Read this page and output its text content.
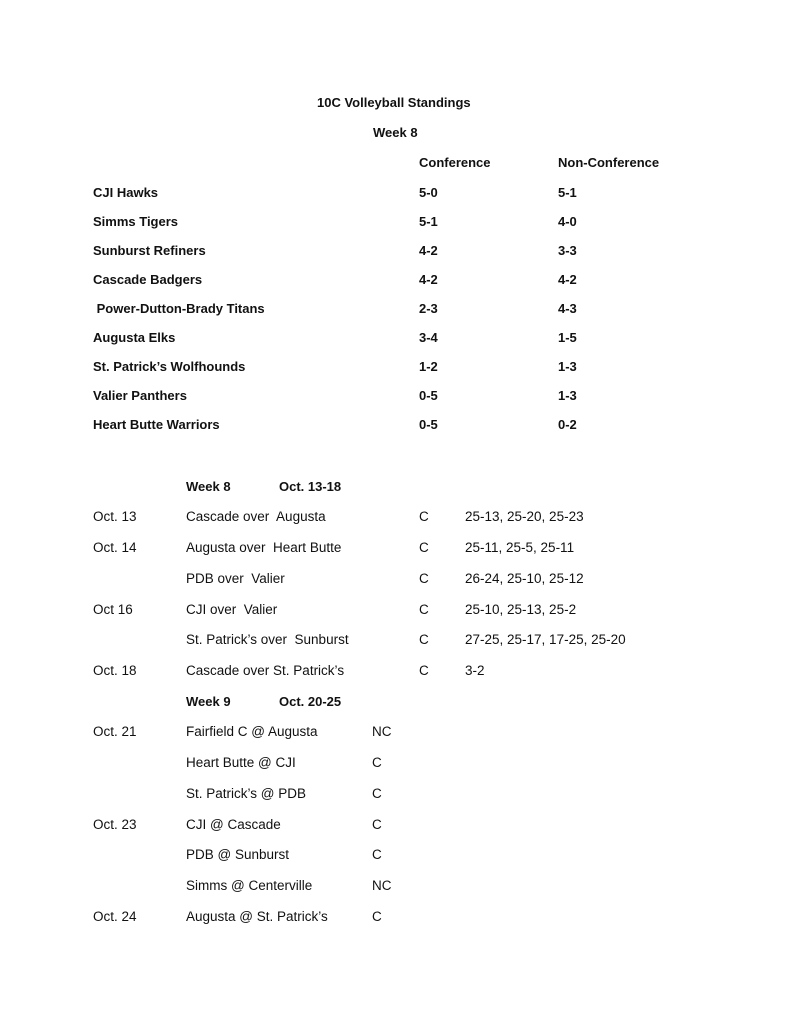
10C Volleyball Standings
Week 8
Conference	Non-Conference
CJI Hawks	5-0	5-1
Simms Tigers	5-1	4-0
Sunburst Refiners	4-2	3-3
Cascade Badgers	4-2	4-2
Power-Dutton-Brady Titans	2-3	4-3
Augusta Elks	3-4	1-5
St. Patrick’s Wolfhounds	1-2	1-3
Valier Panthers	0-5	1-3
Heart Butte Warriors	0-5	0-2
Week 8	Oct. 13-18
Oct. 13	Cascade over  Augusta	C	25-13, 25-20, 25-23
Oct. 14	Augusta over  Heart Butte	C	25-11, 25-5, 25-11
PDB over  Valier	C	26-24, 25-10, 25-12
Oct 16	CJI over  Valier	C	25-10, 25-13, 25-2
St. Patrick’s over  Sunburst	C	27-25, 25-17, 17-25, 25-20
Oct. 18	Cascade over St. Patrick’s	C	3-2
Week 9	Oct. 20-25
Oct. 21	Fairfield C @ Augusta	NC
Heart Butte @ CJI	C
St. Patrick’s @ PDB	C
Oct. 23	CJI @ Cascade	C
PDB @ Sunburst	C
Simms @ Centerville	NC
Oct. 24	Augusta @ St. Patrick’s	C
